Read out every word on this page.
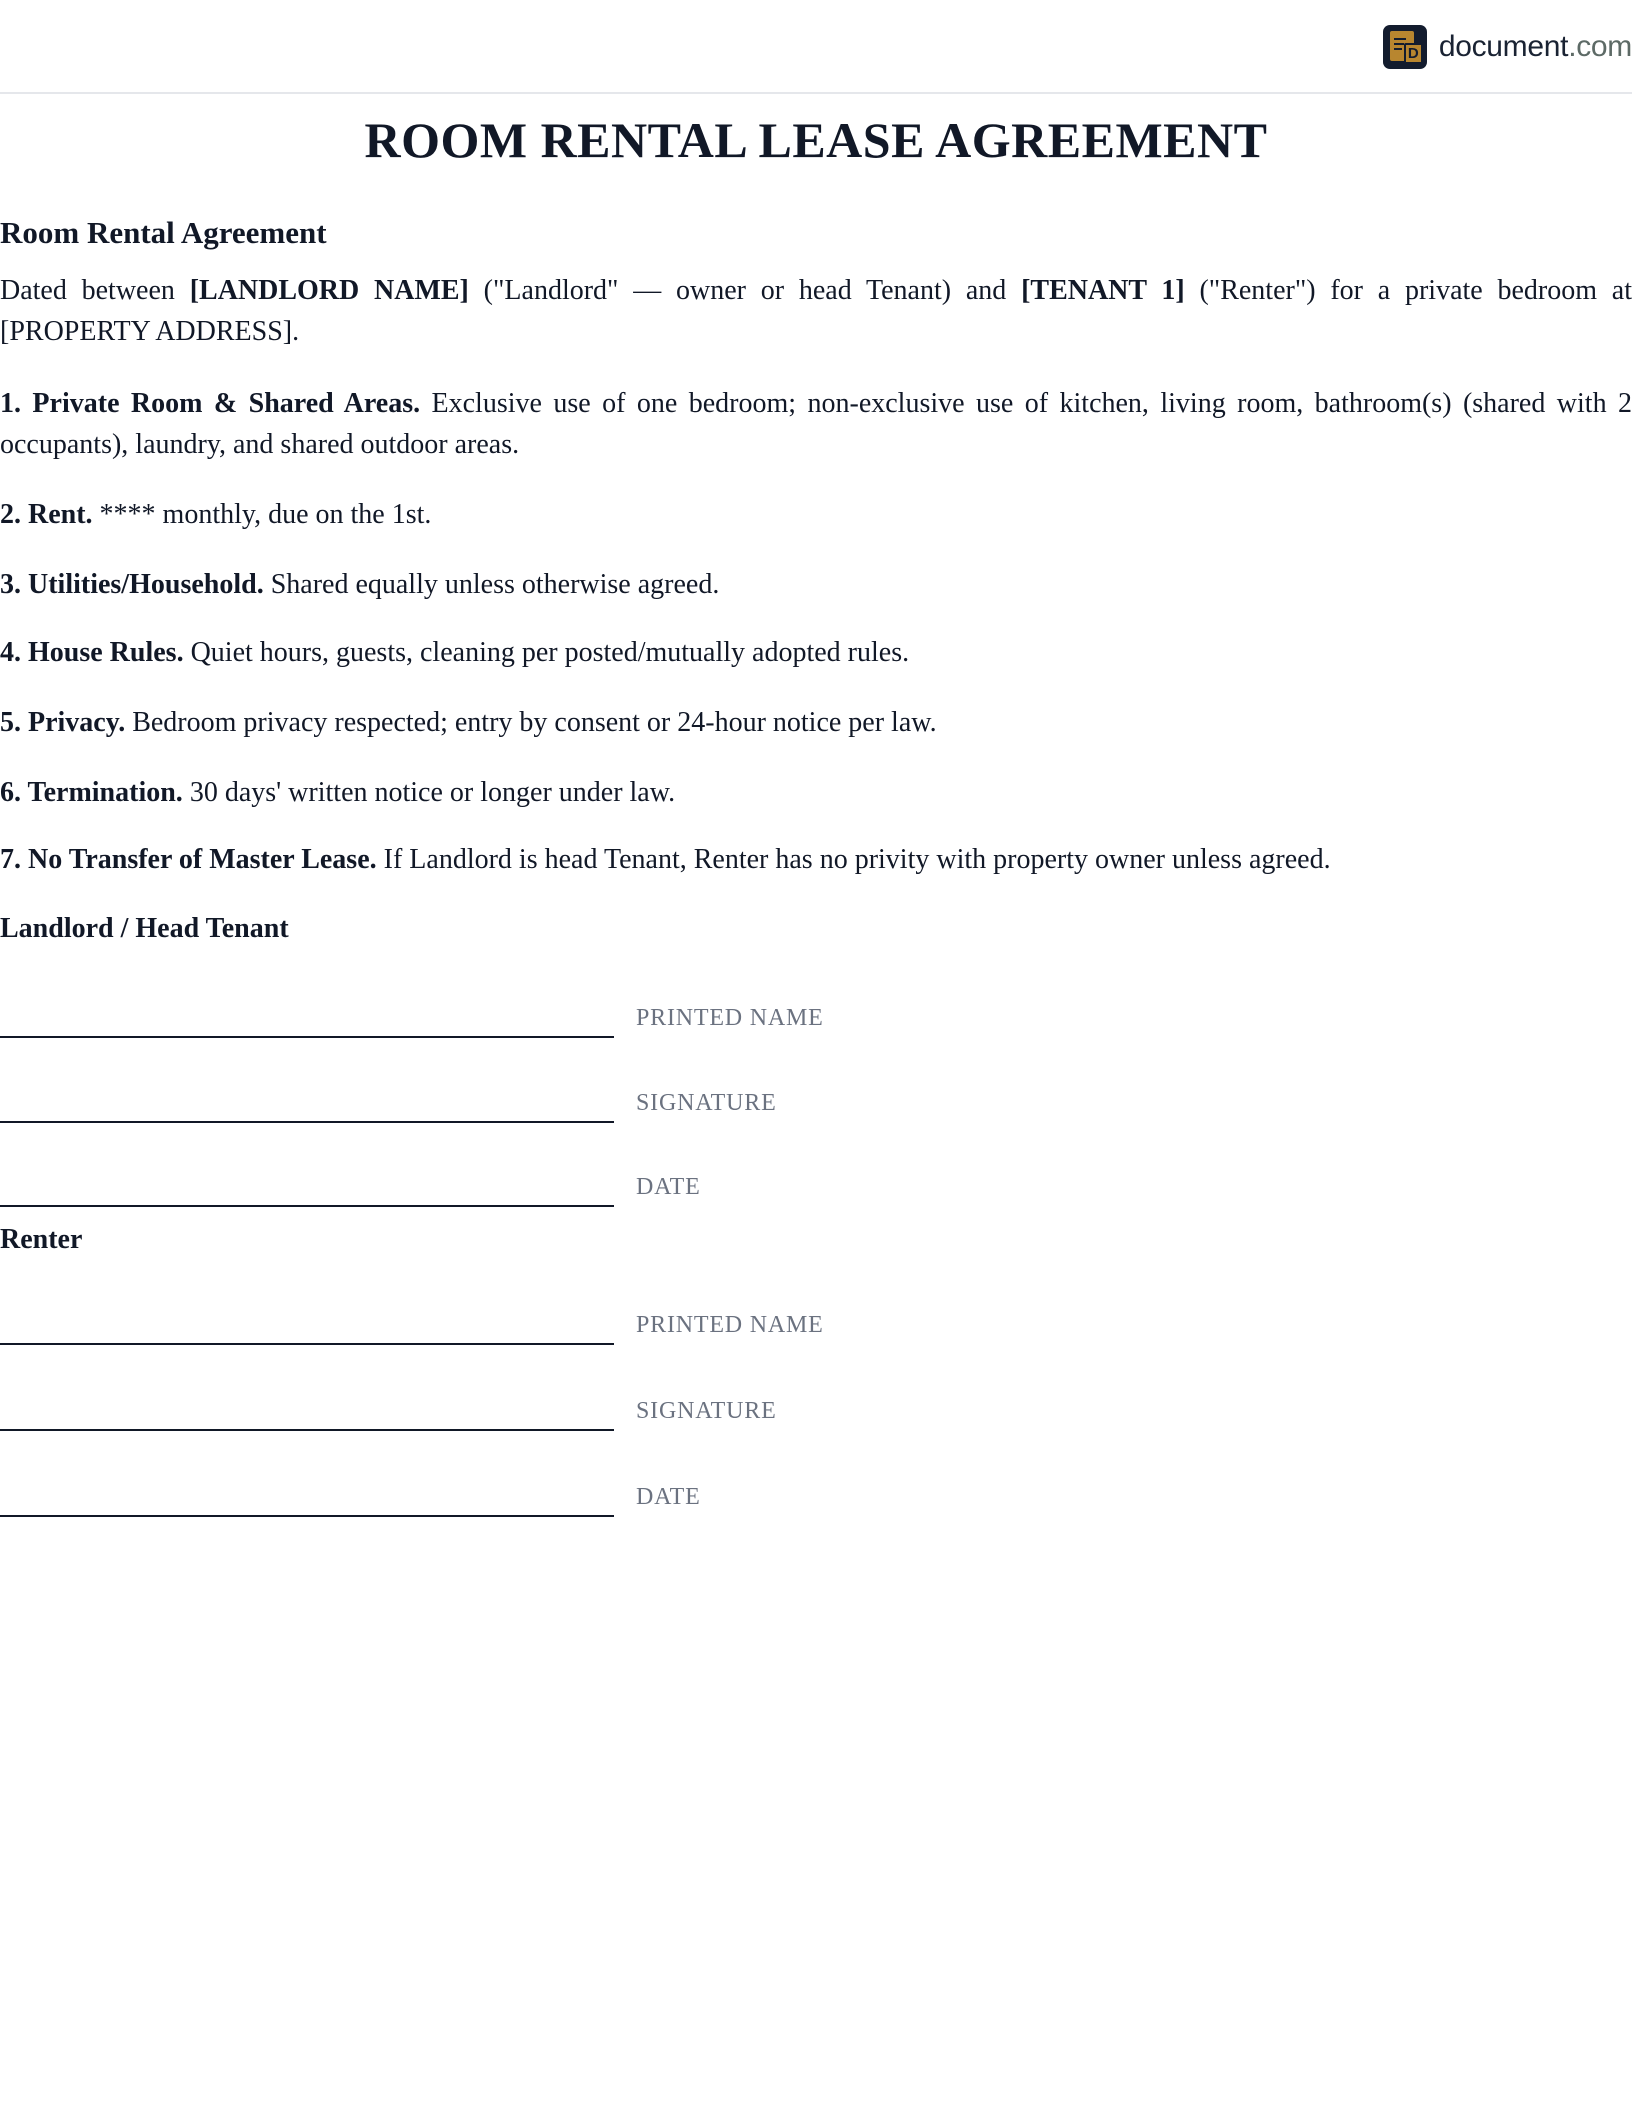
D document.com
ROOM RENTAL LEASE AGREEMENT
Room Rental Agreement

Dated between [LANDLORD NAME] ("Landlord" — owner or head Tenant) and [TENANT 1] ("Renter") for a private bedroom at [PROPERTY ADDRESS].

1. Private Room & Shared Areas. Exclusive use of one bedroom; non-exclusive use of kitchen, living room, bathroom(s) (shared with 2 occupants), laundry, and shared outdoor areas.

2. Rent. **** monthly, due on the 1st.

3. Utilities/Household. Shared equally unless otherwise agreed.

4. House Rules. Quiet hours, guests, cleaning per posted/mutually adopted rules.

5. Privacy. Bedroom privacy respected; entry by consent or 24-hour notice per law.

6. Termination. 30 days' written notice or longer under law.

7. No Transfer of Master Lease. If Landlord is head Tenant, Renter has no privity with property owner unless agreed.

Landlord / Head Tenant
PRINTED NAME
SIGNATURE
DATE
Renter
PRINTED NAME
SIGNATURE
DATE
